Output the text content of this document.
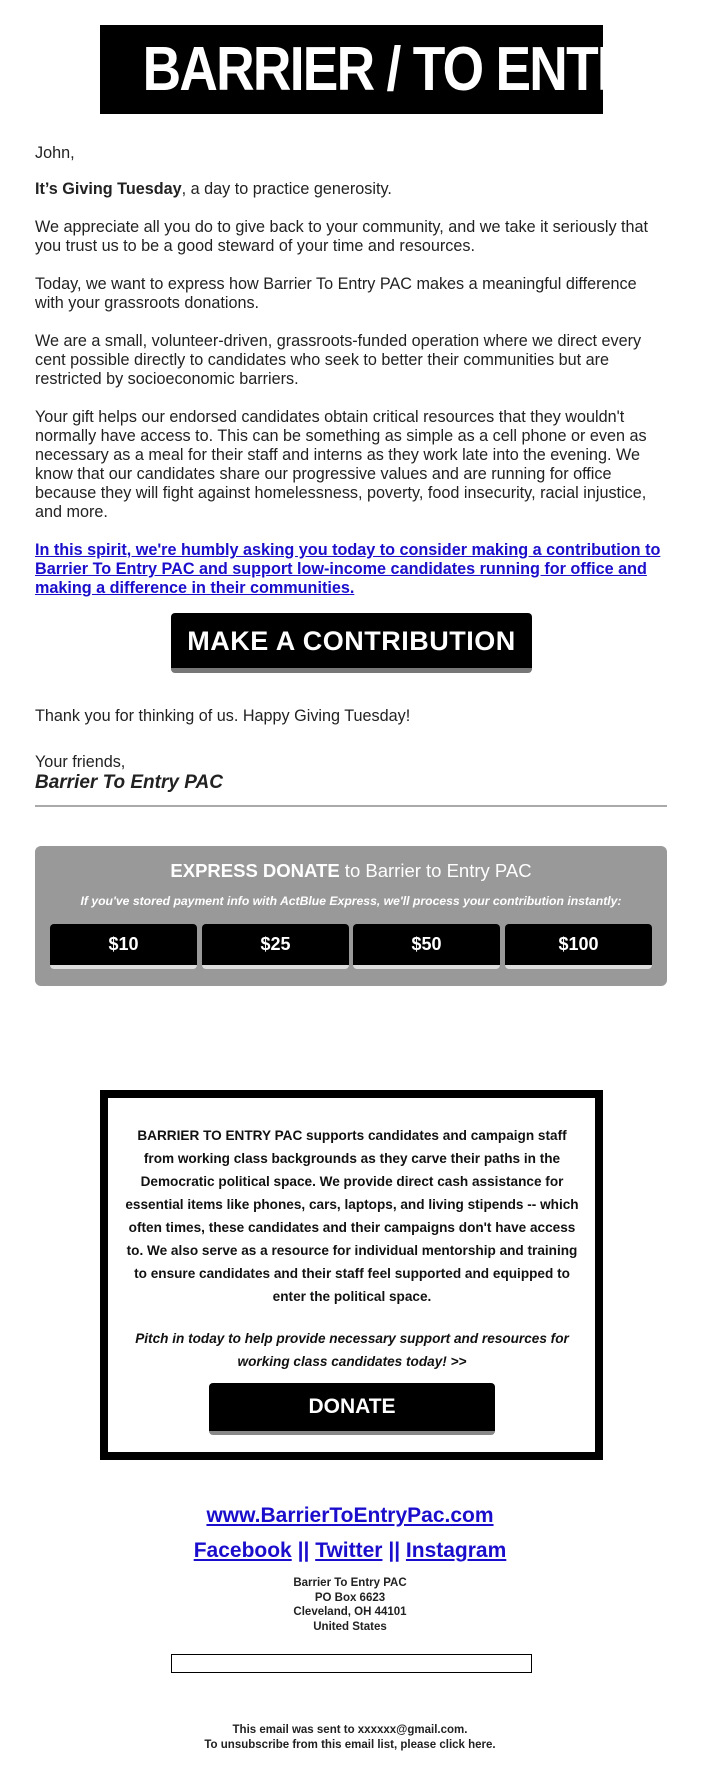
BARRIER / TO ENTRY

John,

It’s Giving Tuesday, a day to practice generosity.

We appreciate all you do to give back to your community, and we take it seriously that you trust us to be a good steward of your time and resources.

Today, we want to express how Barrier To Entry PAC makes a meaningful difference with your grassroots donations.

We are a small, volunteer-driven, grassroots-funded operation where we direct every cent possible directly to candidates who seek to better their communities but are restricted by socioeconomic barriers.

Your gift helps our endorsed candidates obtain critical resources that they wouldn't normally have access to. This can be something as simple as a cell phone or even as necessary as a meal for their staff and interns as they work late into the evening. We know that our candidates share our progressive values and are running for office because they will fight against homelessness, poverty, food insecurity, racial injustice, and more.

In this spirit, we're humbly asking you today to consider making a contribution to Barrier To Entry PAC and support low-income candidates running for office and making a difference in their communities.

MAKE A CONTRIBUTION
Thank you for thinking of us. Happy Giving Tuesday!
Your friends,
Barrier To Entry PAC
EXPRESS DONATE to Barrier to Entry PAC
If you've stored payment info with ActBlue Express, we'll process your contribution instantly:
$10	$25	$50	$100
BARRIER TO ENTRY PAC supports candidates and campaign staff from working class backgrounds as they carve their paths in the Democratic political space. We provide direct cash assistance for essential items like phones, cars, laptops, and living stipends -- which often times, these candidates and their campaigns don't have access to. We also serve as a resource for individual mentorship and training to ensure candidates and their staff feel supported and equipped to enter the political space.
Pitch in today to help provide necessary support and resources for working class candidates today! >>
DONATE
www.BarrierToEntryPac.com
Facebook || Twitter || Instagram
Barrier To Entry PAC
PO Box 6623
Cleveland, OH 44101
United States
This email was sent to xxxxxx@gmail.com.
To unsubscribe from this email list, please click here.
